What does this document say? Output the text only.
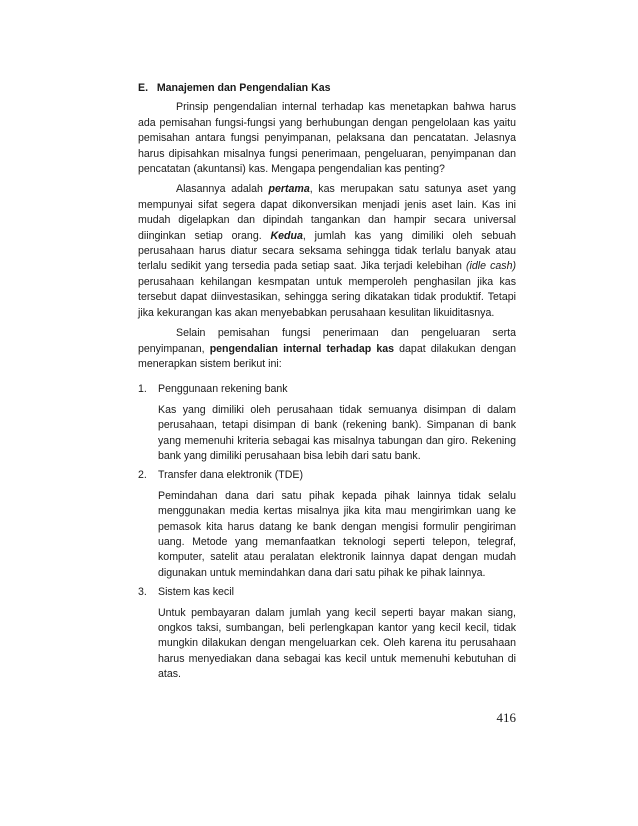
E.   Manajemen dan Pengendalian Kas

Prinsip pengendalian internal terhadap kas menetapkan bahwa harus ada pemisahan fungsi-fungsi yang berhubungan dengan pengelolaan kas yaitu pemisahan antara fungsi penyimpanan, pelaksana dan pencatatan. Jelasnya harus dipisahkan misalnya fungsi penerimaan, pengeluaran, penyimpanan dan pencatatan (akuntansi) kas. Mengapa pengendalian kas penting?

Alasannya adalah pertama, kas merupakan satu satunya aset yang mempunyai sifat segera dapat dikonversikan menjadi jenis aset lain. Kas ini mudah digelapkan dan dipindah tangankan dan hampir secara universal diinginkan setiap orang. Kedua, jumlah kas yang dimiliki oleh sebuah perusahaan harus diatur secara seksama sehingga tidak terlalu banyak atau terlalu sedikit yang tersedia pada setiap saat. Jika terjadi kelebihan (idle cash) perusahaan kehilangan kesmpatan untuk memperoleh penghasilan jika kas tersebut dapat diinvestasikan, sehingga sering dikatakan tidak produktif. Tetapi jika kekurangan kas akan menyebabkan perusahaan kesulitan likuiditasnya.

Selain pemisahan fungsi penerimaan dan pengeluaran serta penyimpanan, pengendalian internal terhadap kas dapat dilakukan dengan menerapkan sistem berikut ini:

1.	Penggunaan rekening bank

Kas yang dimiliki oleh perusahaan tidak semuanya disimpan di dalam perusahaan, tetapi disimpan di bank (rekening bank). Simpanan di bank yang memenuhi kriteria sebagai kas misalnya tabungan dan giro. Rekening bank yang dimiliki perusahaan bisa lebih dari satu bank.

2.	Transfer dana elektronik (TDE)

Pemindahan dana dari satu pihak kepada pihak lainnya tidak selalu menggunakan media kertas misalnya jika kita mau mengirimkan uang ke pemasok kita harus datang ke bank dengan mengisi formulir pengiriman uang. Metode yang memanfaatkan teknologi seperti telepon, telegraf, komputer, satelit atau peralatan elektronik lainnya dapat dengan mudah digunakan untuk memindahkan dana dari satu pihak ke pihak lainnya.

3.	Sistem kas kecil

Untuk pembayaran dalam jumlah yang kecil seperti bayar makan siang, ongkos taksi, sumbangan, beli perlengkapan kantor yang kecil kecil, tidak mungkin dilakukan dengan mengeluarkan cek. Oleh karena itu perusahaan harus menyediakan dana sebagai kas kecil untuk memenuhi kebutuhan di atas.

416
